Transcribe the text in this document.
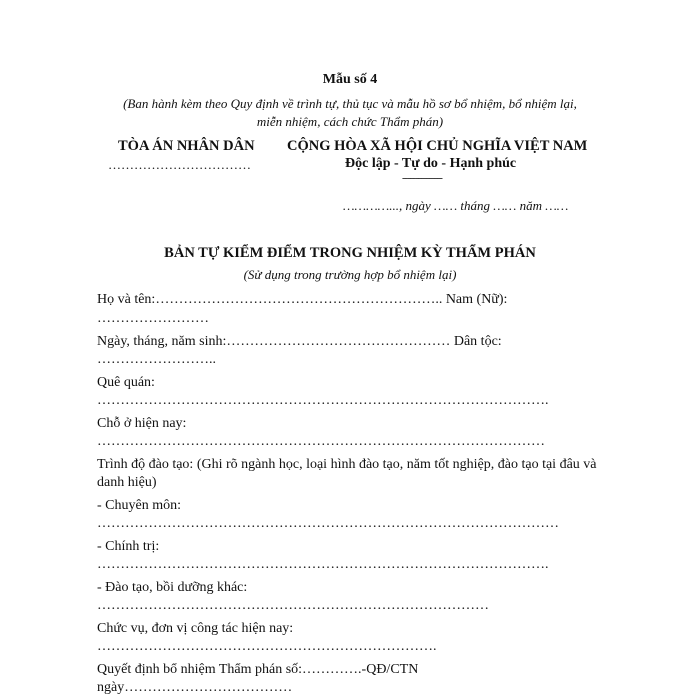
Mẫu số 4
(Ban hành kèm theo Quy định về trình tự, thủ tục và mẫu hồ sơ bổ nhiệm, bổ nhiệm lại,
miễn nhiệm, cách chức Thẩm phán)
TÒA ÁN NHÂN DÂN
……………………………
CỘNG HÒA XÃ HỘI CHỦ NGHĨA VIỆT NAM
Độc lập - Tự do - Hạnh phúc
---------------
…………..., ngày …… tháng …… năm ……
BẢN TỰ KIỂM ĐIỂM TRONG NHIỆM KỲ THẨM PHÁN
(Sử dụng trong trường hợp bổ nhiệm lại)
Họ và tên:…………………………………………………….. Nam (Nữ):
……………………
Ngày, tháng, năm sinh:………………………………………… Dân tộc:
……………………..
Quê quán:
…………………………………………………………………………………….
Chỗ ở hiện nay:
……………………………………………………………………………………
Trình độ đào tạo: (Ghi rõ ngành học, loại hình đào tạo, năm tốt nghiệp, đào tạo tại đâu và
danh hiệu)
- Chuyên môn:
………………………………………………………………………………………
- Chính trị:
…………………………………………………………………………………….
- Đào tạo, bồi dưỡng khác:
…………………………………………………………………………
Chức vụ, đơn vị công tác hiện nay:
……………………………………………………………….
Quyết định bổ nhiệm Thẩm phán số:………….-QĐ/CTN
ngày………………………………
